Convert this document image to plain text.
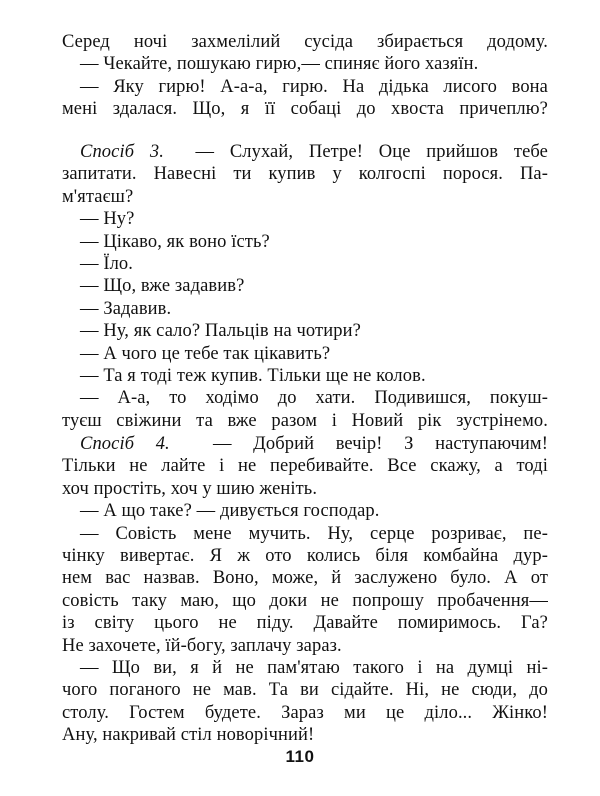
Серед ночі захмелілий сусіда збирається додому.
— Чекайте, пошукаю гирю,— спиняє його хазяїн.
— Яку гирю! А-а-а, гирю. На дідька лисого вона
мені здалася. Що, я її собаці до хвоста причеплю?
Спосіб 3. — Слухай, Петре! Оце прийшов тебе
запитати. Навесні ти купив у колгоспі порося. Па-
м'ятаєш?
— Ну?
— Цікаво, як воно їсть?
— Їло.
— Що, вже задавив?
— Задавив.
— Ну, як сало? Пальців на чотири?
— А чого це тебе так цікавить?
— Та я тоді теж купив. Тільки ще не колов.
— А-а, то ходімо до хати. Подивишся, покуш-
туєш свіжини та вже разом і Новий рік зустрінемо.
Спосіб 4. — Добрий вечір! З наступаючим!
Тільки не лайте і не перебивайте. Все скажу, а тоді
хоч простіть, хоч у шию женіть.
— А що таке? — дивується господар.
— Совість мене мучить. Ну, серце розриває, пе-
чінку вивертає. Я ж ото колись біля комбайна дур-
нем вас назвав. Воно, може, й заслужено було. А от
совість таку маю, що доки не попрошу пробачення—
із світу цього не піду. Давайте помиримось. Га?
Не захочете, їй-богу, заплачу зараз.
— Що ви, я й не пам'ятаю такого і на думці ні-
чого поганого не мав. Та ви сідайте. Ні, не сюди, до
столу. Гостем будете. Зараз ми це діло... Жінко!
Ану, накривай стіл новорічний!
110
